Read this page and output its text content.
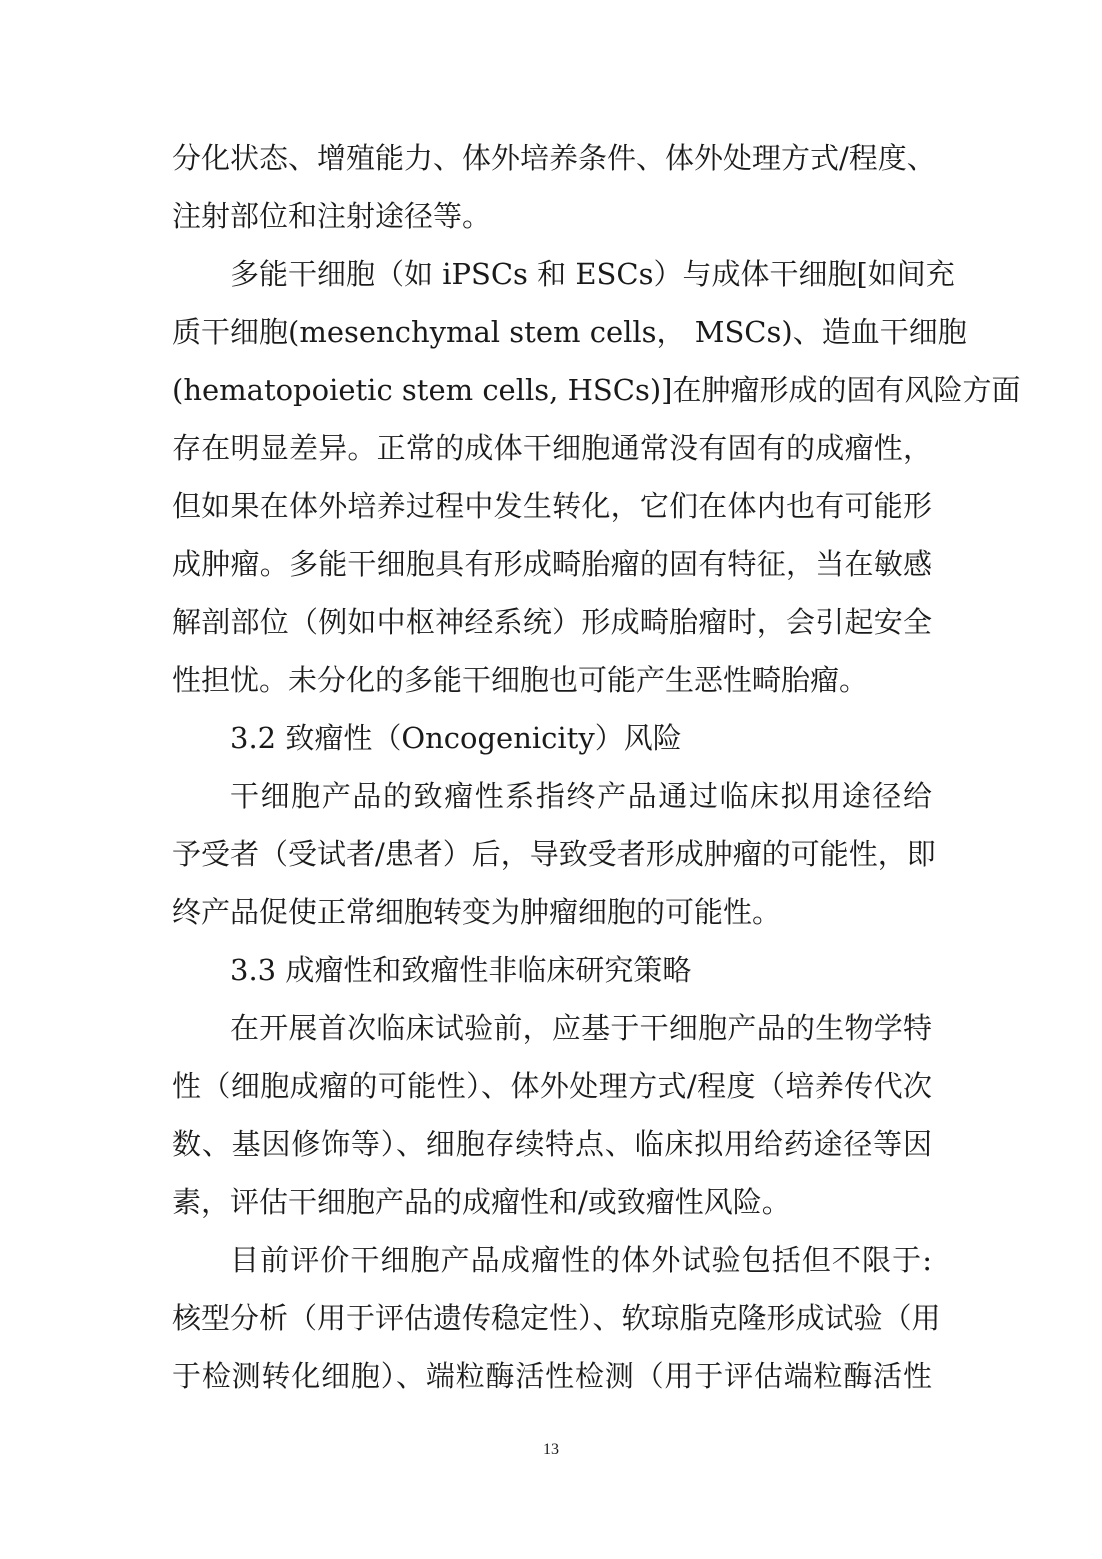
分化状态、增殖能力、体外培养条件、体外处理方式/程度、
注射部位和注射途径等。
多能干细胞（如 iPSCs 和 ESCs）与成体干细胞[如间充
质干细胞(mesenchymal stem cells， MSCs)、造血干细胞
(hematopoietic stem cells, HSCs)]在肿瘤形成的固有风险方面
存在明显差异。正常的成体干细胞通常没有固有的成瘤性，
但如果在体外培养过程中发生转化，它们在体内也有可能形
成肿瘤。多能干细胞具有形成畸胎瘤的固有特征，当在敏感
解剖部位（例如中枢神经系统）形成畸胎瘤时，会引起安全
性担忧。未分化的多能干细胞也可能产生恶性畸胎瘤。
3.2 致瘤性（Oncogenicity）风险
干细胞产品的致瘤性系指终产品通过临床拟用途径给
予受者（受试者/患者）后，导致受者形成肿瘤的可能性，即
终产品促使正常细胞转变为肿瘤细胞的可能性。
3.3 成瘤性和致瘤性非临床研究策略
在开展首次临床试验前，应基于干细胞产品的生物学特
性（细胞成瘤的可能性）、体外处理方式/程度（培养传代次
数、基因修饰等）、细胞存续特点、临床拟用给药途径等因
素，评估干细胞产品的成瘤性和/或致瘤性风险。
目前评价干细胞产品成瘤性的体外试验包括但不限于:
核型分析（用于评估遗传稳定性）、软琼脂克隆形成试验（用
于检测转化细胞）、端粒酶活性检测（用于评估端粒酶活性
13
